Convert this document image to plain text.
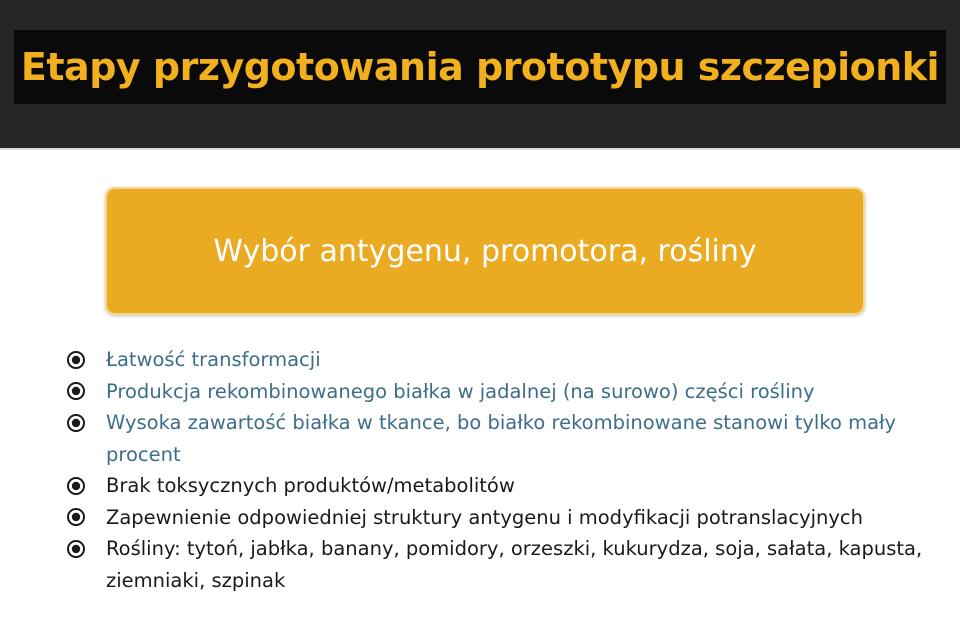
Etapy przygotowania prototypu szczepionki
Wybór antygenu, promotora, rośliny
Łatwość transformacji
Produkcja rekombinowanego białka w jadalnej (na surowo) części rośliny
Wysoka zawartość białka w tkance, bo białko rekombinowane stanowi tylko mały procent
Brak toksycznych produktów/metabolitów
Zapewnienie odpowiedniej struktury antygenu i modyfikacji potranslacyjnych
Rośliny: tytoń, jabłka, banany, pomidory, orzeszki, kukurydza, soja, sałata, kapusta, ziemniaki, szpinak
